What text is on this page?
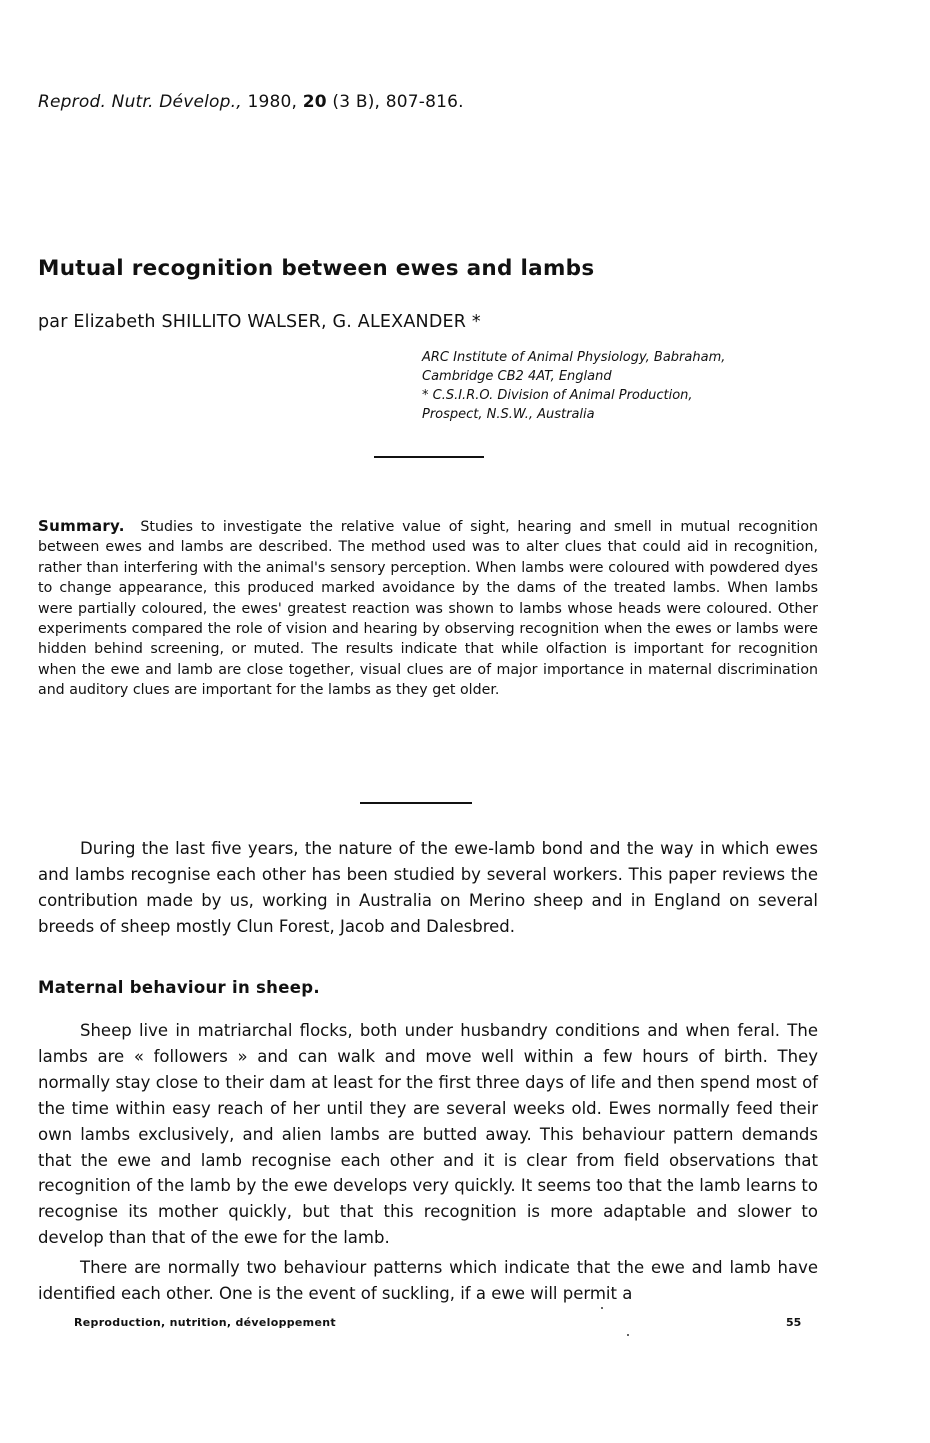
Reprod. Nutr. Dévelop., 1980, 20 (3 B), 807-816.
Mutual recognition between ewes and lambs
par Elizabeth SHILLITO WALSER, G. ALEXANDER *
ARC Institute of Animal Physiology, Babraham,
Cambridge CB2 4AT, England
* C.S.I.R.O. Division of Animal Production,
Prospect, N.S.W., Australia

Summary. Studies to investigate the relative value of sight, hearing and smell in mutual recognition between ewes and lambs are described. The method used was to alter clues that could aid in recognition, rather than interfering with the animal's sensory perception. When lambs were coloured with powdered dyes to change appearance, this produced marked avoidance by the dams of the treated lambs. When lambs were partially coloured, the ewes' greatest reaction was shown to lambs whose heads were coloured. Other experiments compared the role of vision and hearing by observing recognition when the ewes or lambs were hidden behind screening, or muted. The results indicate that while olfaction is important for recognition when the ewe and lamb are close together, visual clues are of major importance in maternal discrimination and auditory clues are important for the lambs as they get older.

During the last five years, the nature of the ewe-lamb bond and the way in which ewes and lambs recognise each other has been studied by several workers. This paper reviews the contribution made by us, working in Australia on Merino sheep and in England on several breeds of sheep mostly Clun Forest, Jacob and Dalesbred.

Maternal behaviour in sheep.

Sheep live in matriarchal flocks, both under husbandry conditions and when feral. The lambs are « followers » and can walk and move well within a few hours of birth. They normally stay close to their dam at least for the first three days of life and then spend most of the time within easy reach of her until they are several weeks old. Ewes normally feed their own lambs exclusively, and alien lambs are butted away. This behaviour pattern demands that the ewe and lamb recognise each other and it is clear from field observations that recognition of the lamb by the ewe develops very quickly. It seems too that the lamb learns to recognise its mother quickly, but that this recognition is more adaptable and slower to develop than that of the ewe for the lamb.

There are normally two behaviour patterns which indicate that the ewe and lamb have identified each other. One is the event of suckling, if a ewe will permit a

Reproduction, nutrition, développement	55
